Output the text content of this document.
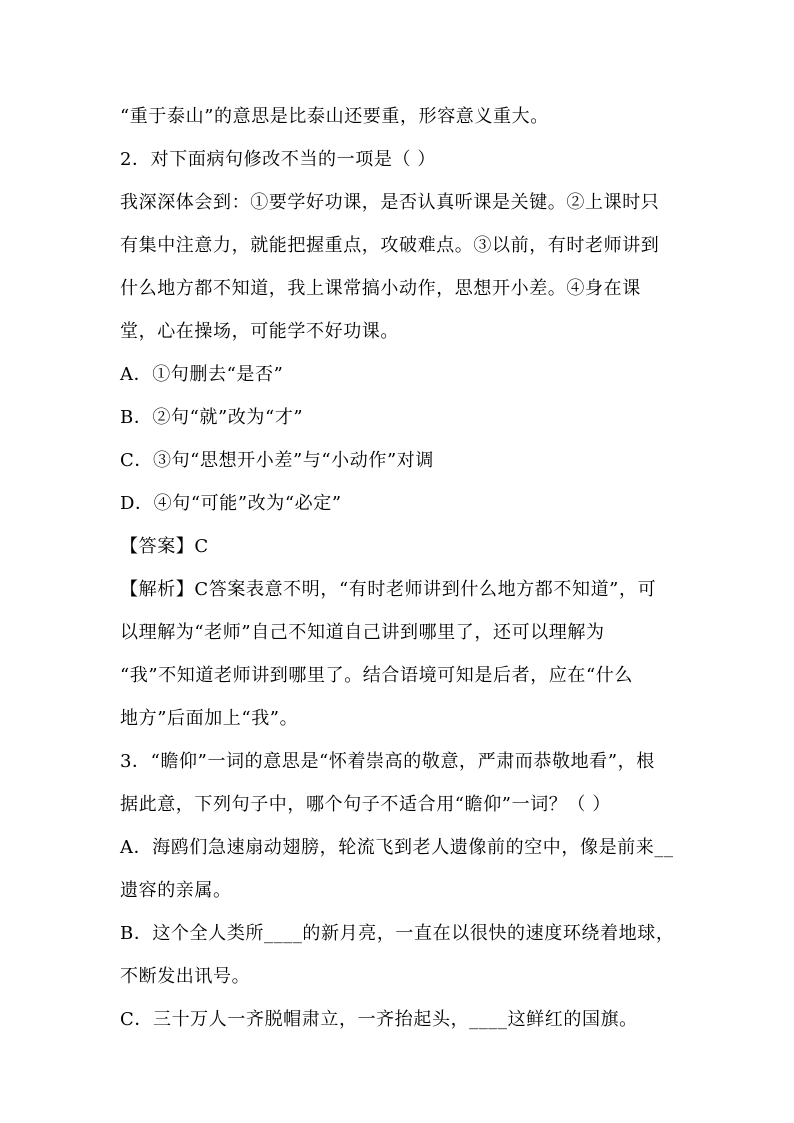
“重于泰山”的意思是比泰山还要重，形容意义重大。
2．对下面病句修改不当的一项是（ ）
我深深体会到：①要学好功课，是否认真听课是关键。②上课时只
有集中注意力，就能把握重点，攻破难点。③以前，有时老师讲到
什么地方都不知道，我上课常搞小动作，思想开小差。④身在课
堂，心在操场，可能学不好功课。
A．①句删去“是否”
B．②句“就”改为“才”
C．③句“思想开小差”与“小动作”对调
D．④句“可能”改为“必定”
【答案】C
【解析】C答案表意不明，“有时老师讲到什么地方都不知道”，可
以理解为“老师”自己不知道自己讲到哪里了，还可以理解为
“我”不知道老师讲到哪里了。结合语境可知是后者，应在“什么
地方”后面加上“我”。
3．“瞻仰”一词的意思是“怀着崇高的敬意，严肃而恭敬地看”，根
据此意，下列句子中，哪个句子不适合用“瞻仰”一词？（ ）
A．海鸥们急速扇动翅膀，轮流飞到老人遗像前的空中，像是前来__
遗容的亲属。
B．这个全人类所____的新月亮，一直在以很快的速度环绕着地球，
不断发出讯号。
C．三十万人一齐脱帽肃立，一齐抬起头，____这鲜红的国旗。
